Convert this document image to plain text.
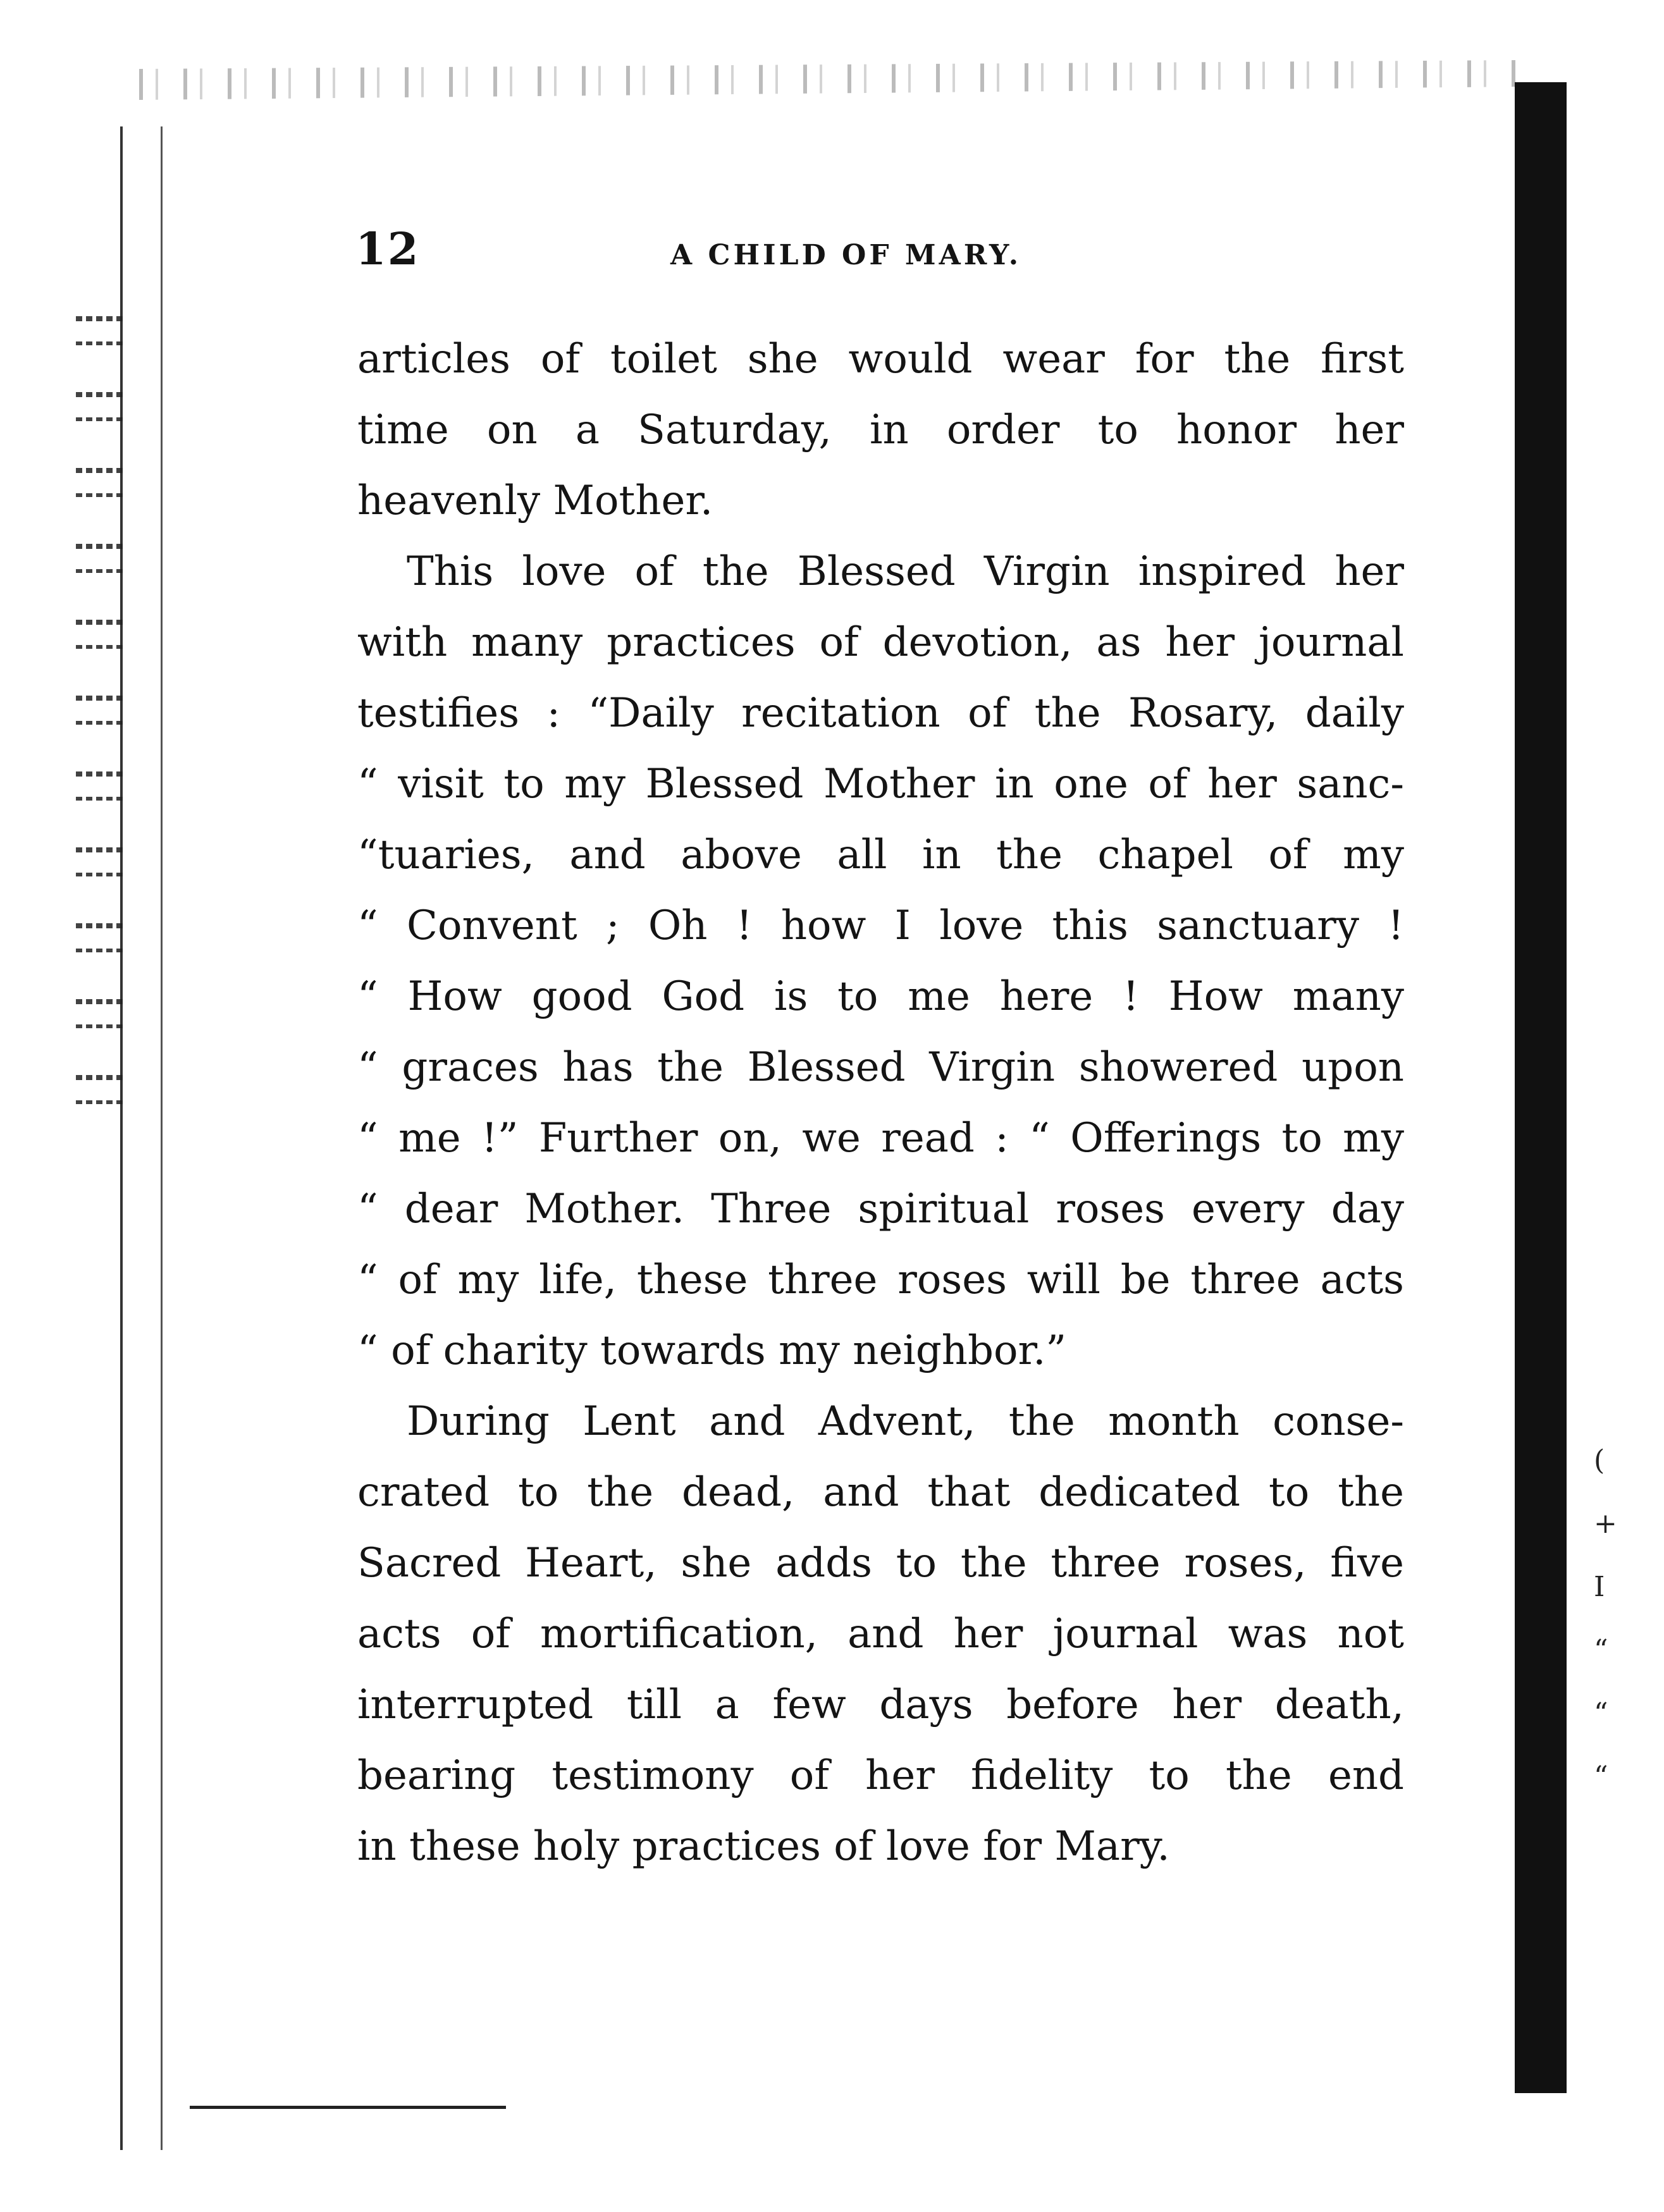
(
+
I
“
“
“
12	A CHILD OF MARY.
articles of toilet she would wear for the first
time on a Saturday, in order to honor her
heavenly Mother.
This love of the Blessed Virgin inspired her
with many practices of devotion, as her journal
testifies : “Daily recitation of the Rosary, daily
“ visit to my Blessed Mother in one of her sanc-
“tuaries, and above all in the chapel of my
“ Convent ; Oh ! how I love this sanctuary !
“ How good God is to me here ! How many
“ graces has the Blessed Virgin showered upon
“ me !” Further on, we read : “ Offerings to my
“ dear Mother. Three spiritual roses every day
“ of my life, these three roses will be three acts
“ of charity towards my neighbor.”
During Lent and Advent, the month conse-
crated to the dead, and that dedicated to the
Sacred Heart, she adds to the three roses, five
acts of mortification, and her journal was not
interrupted till a few days before her death,
bearing testimony of her fidelity to the end
in these holy practices of love for Mary.
